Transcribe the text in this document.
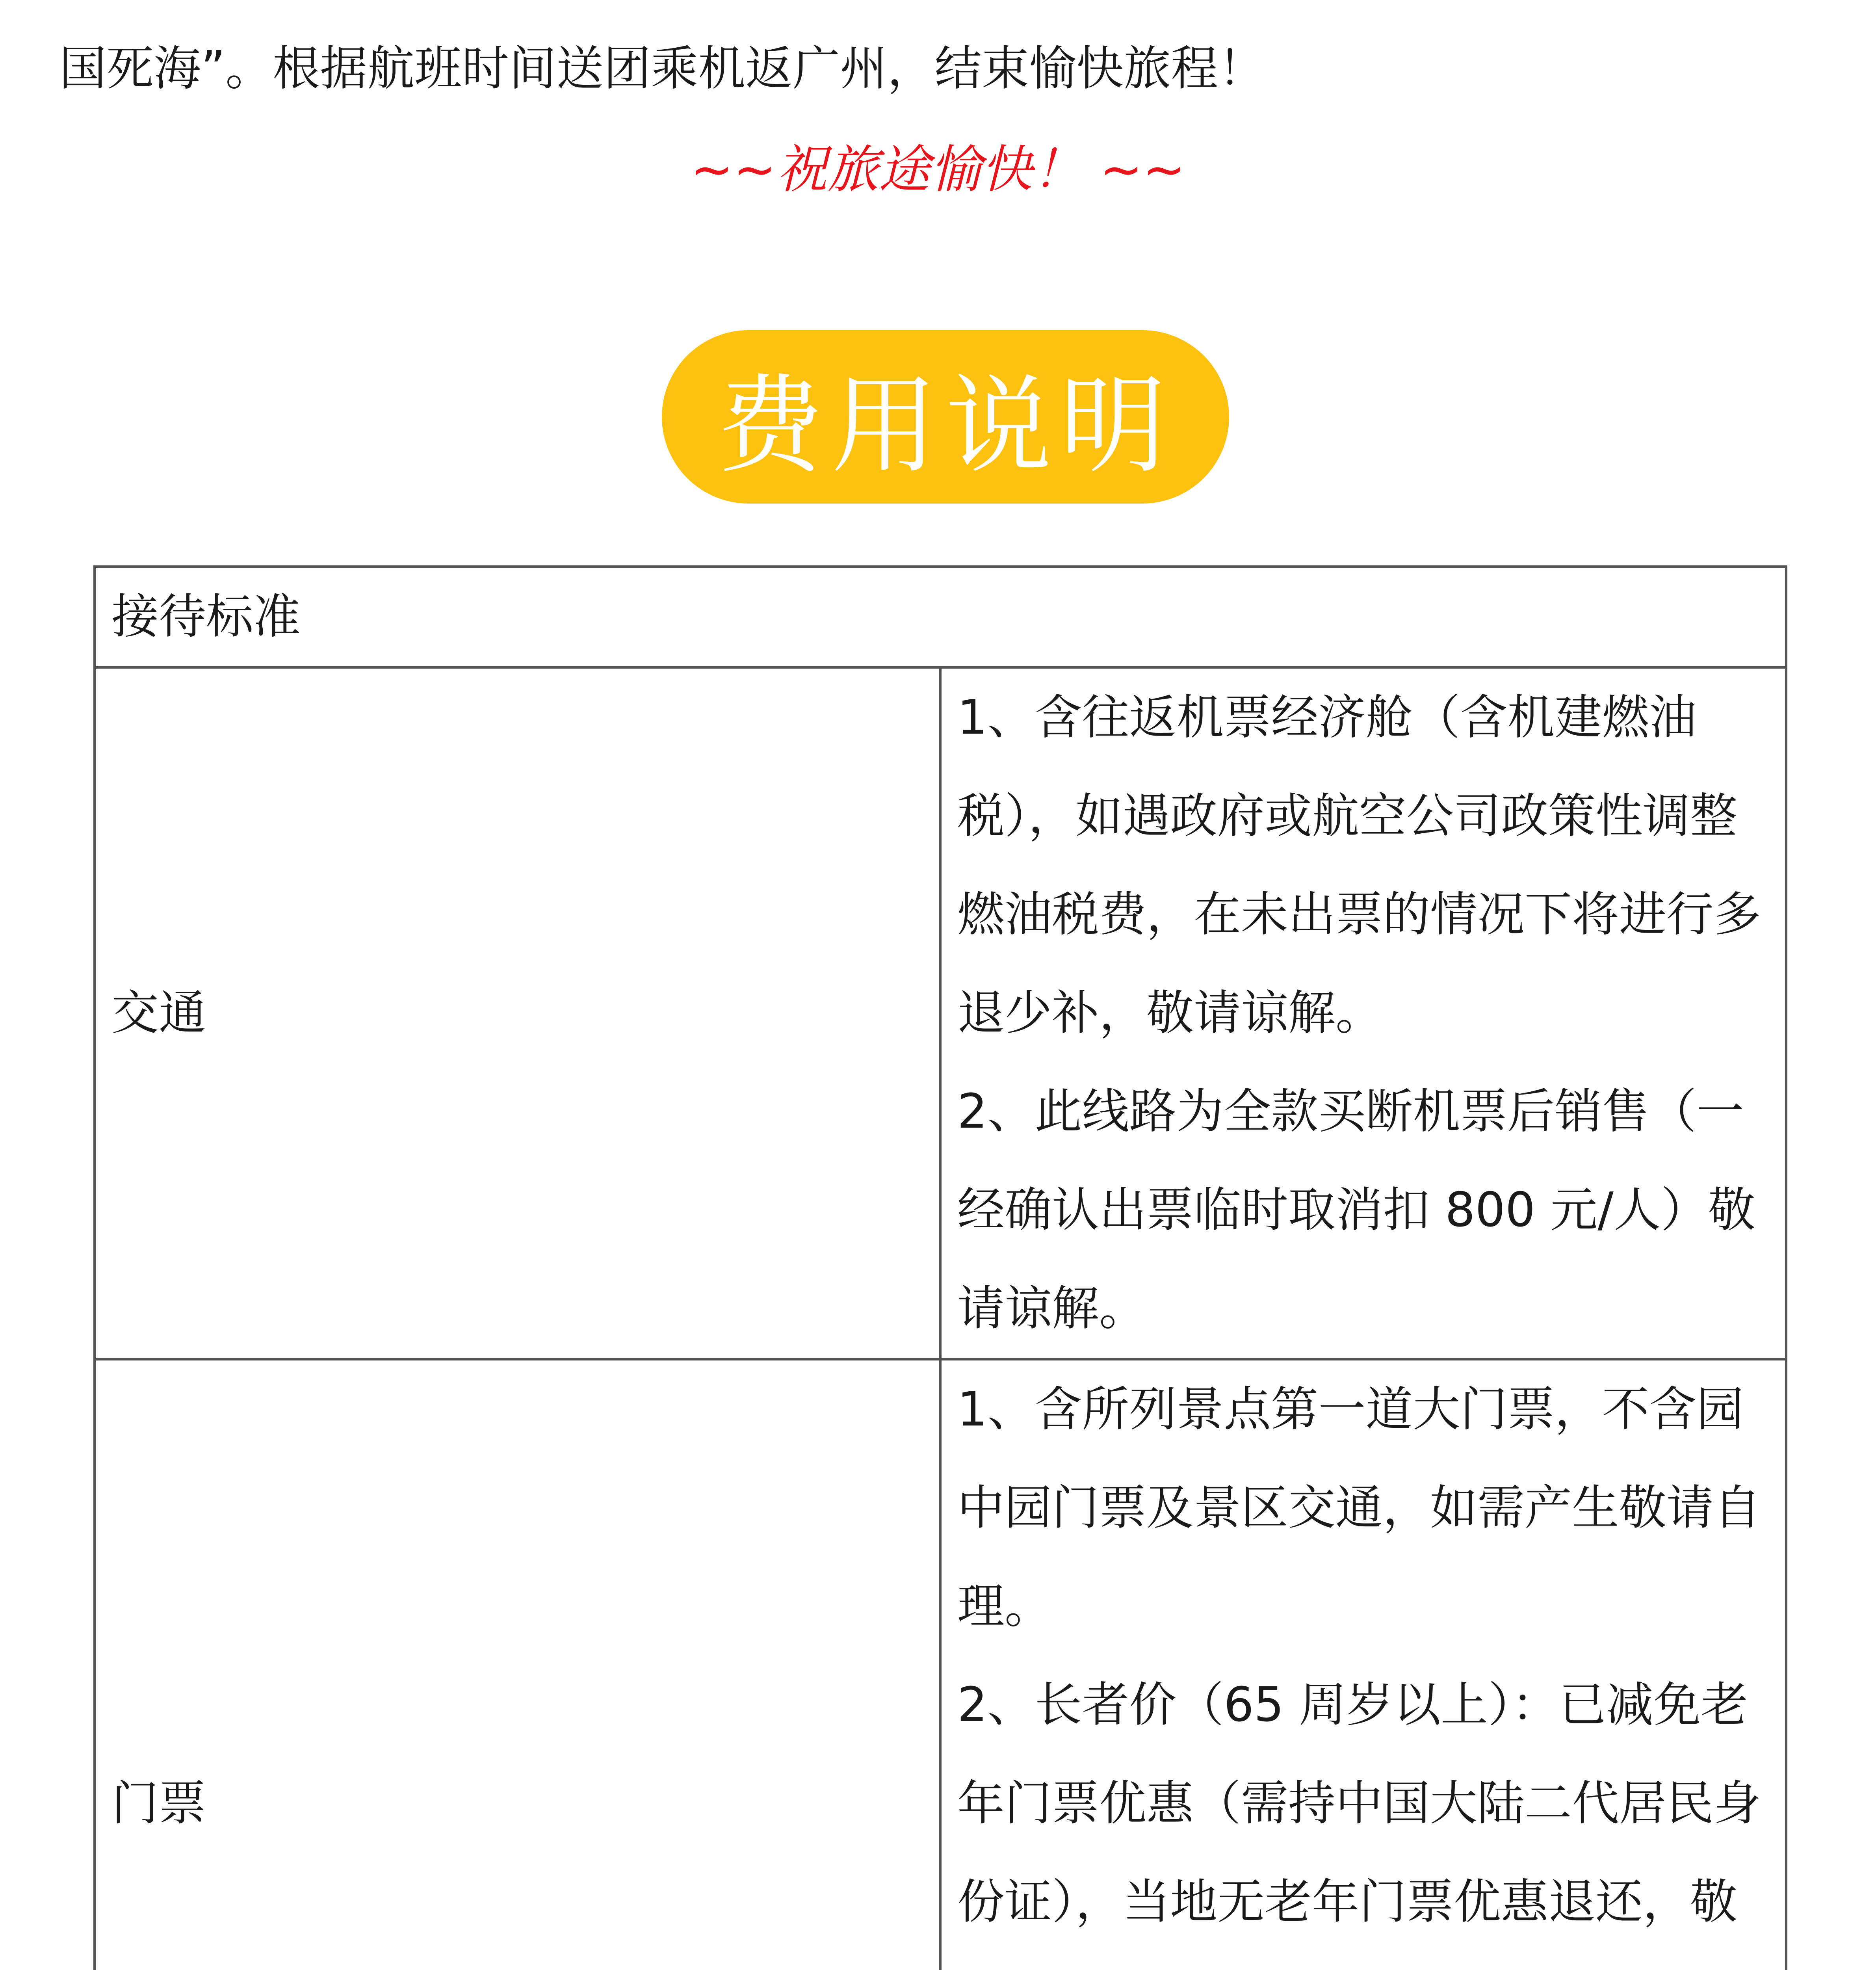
国死海”。根据航班时间送团乘机返广州，结束愉快旅程！
~~祝旅途愉快！ ~~
费用说明
接待标准	
交通	1、含往返机票经济舱（含机建燃油税），如遇政府或航空公司政策性调整燃油税费，在未出票的情况下将进行多退少补，敬请谅解。
2、此线路为全款买断机票后销售（一经确认出票临时取消扣 800 元/人）敬请谅解。

门票	1、含所列景点第一道大门票，不含园中园门票及景区交通，如需产生敬请自理。
2、长者价（65 周岁以上）：已减免老年门票优惠（需持中国大陆二代居民身份证），当地无老年门票优惠退还，敬
